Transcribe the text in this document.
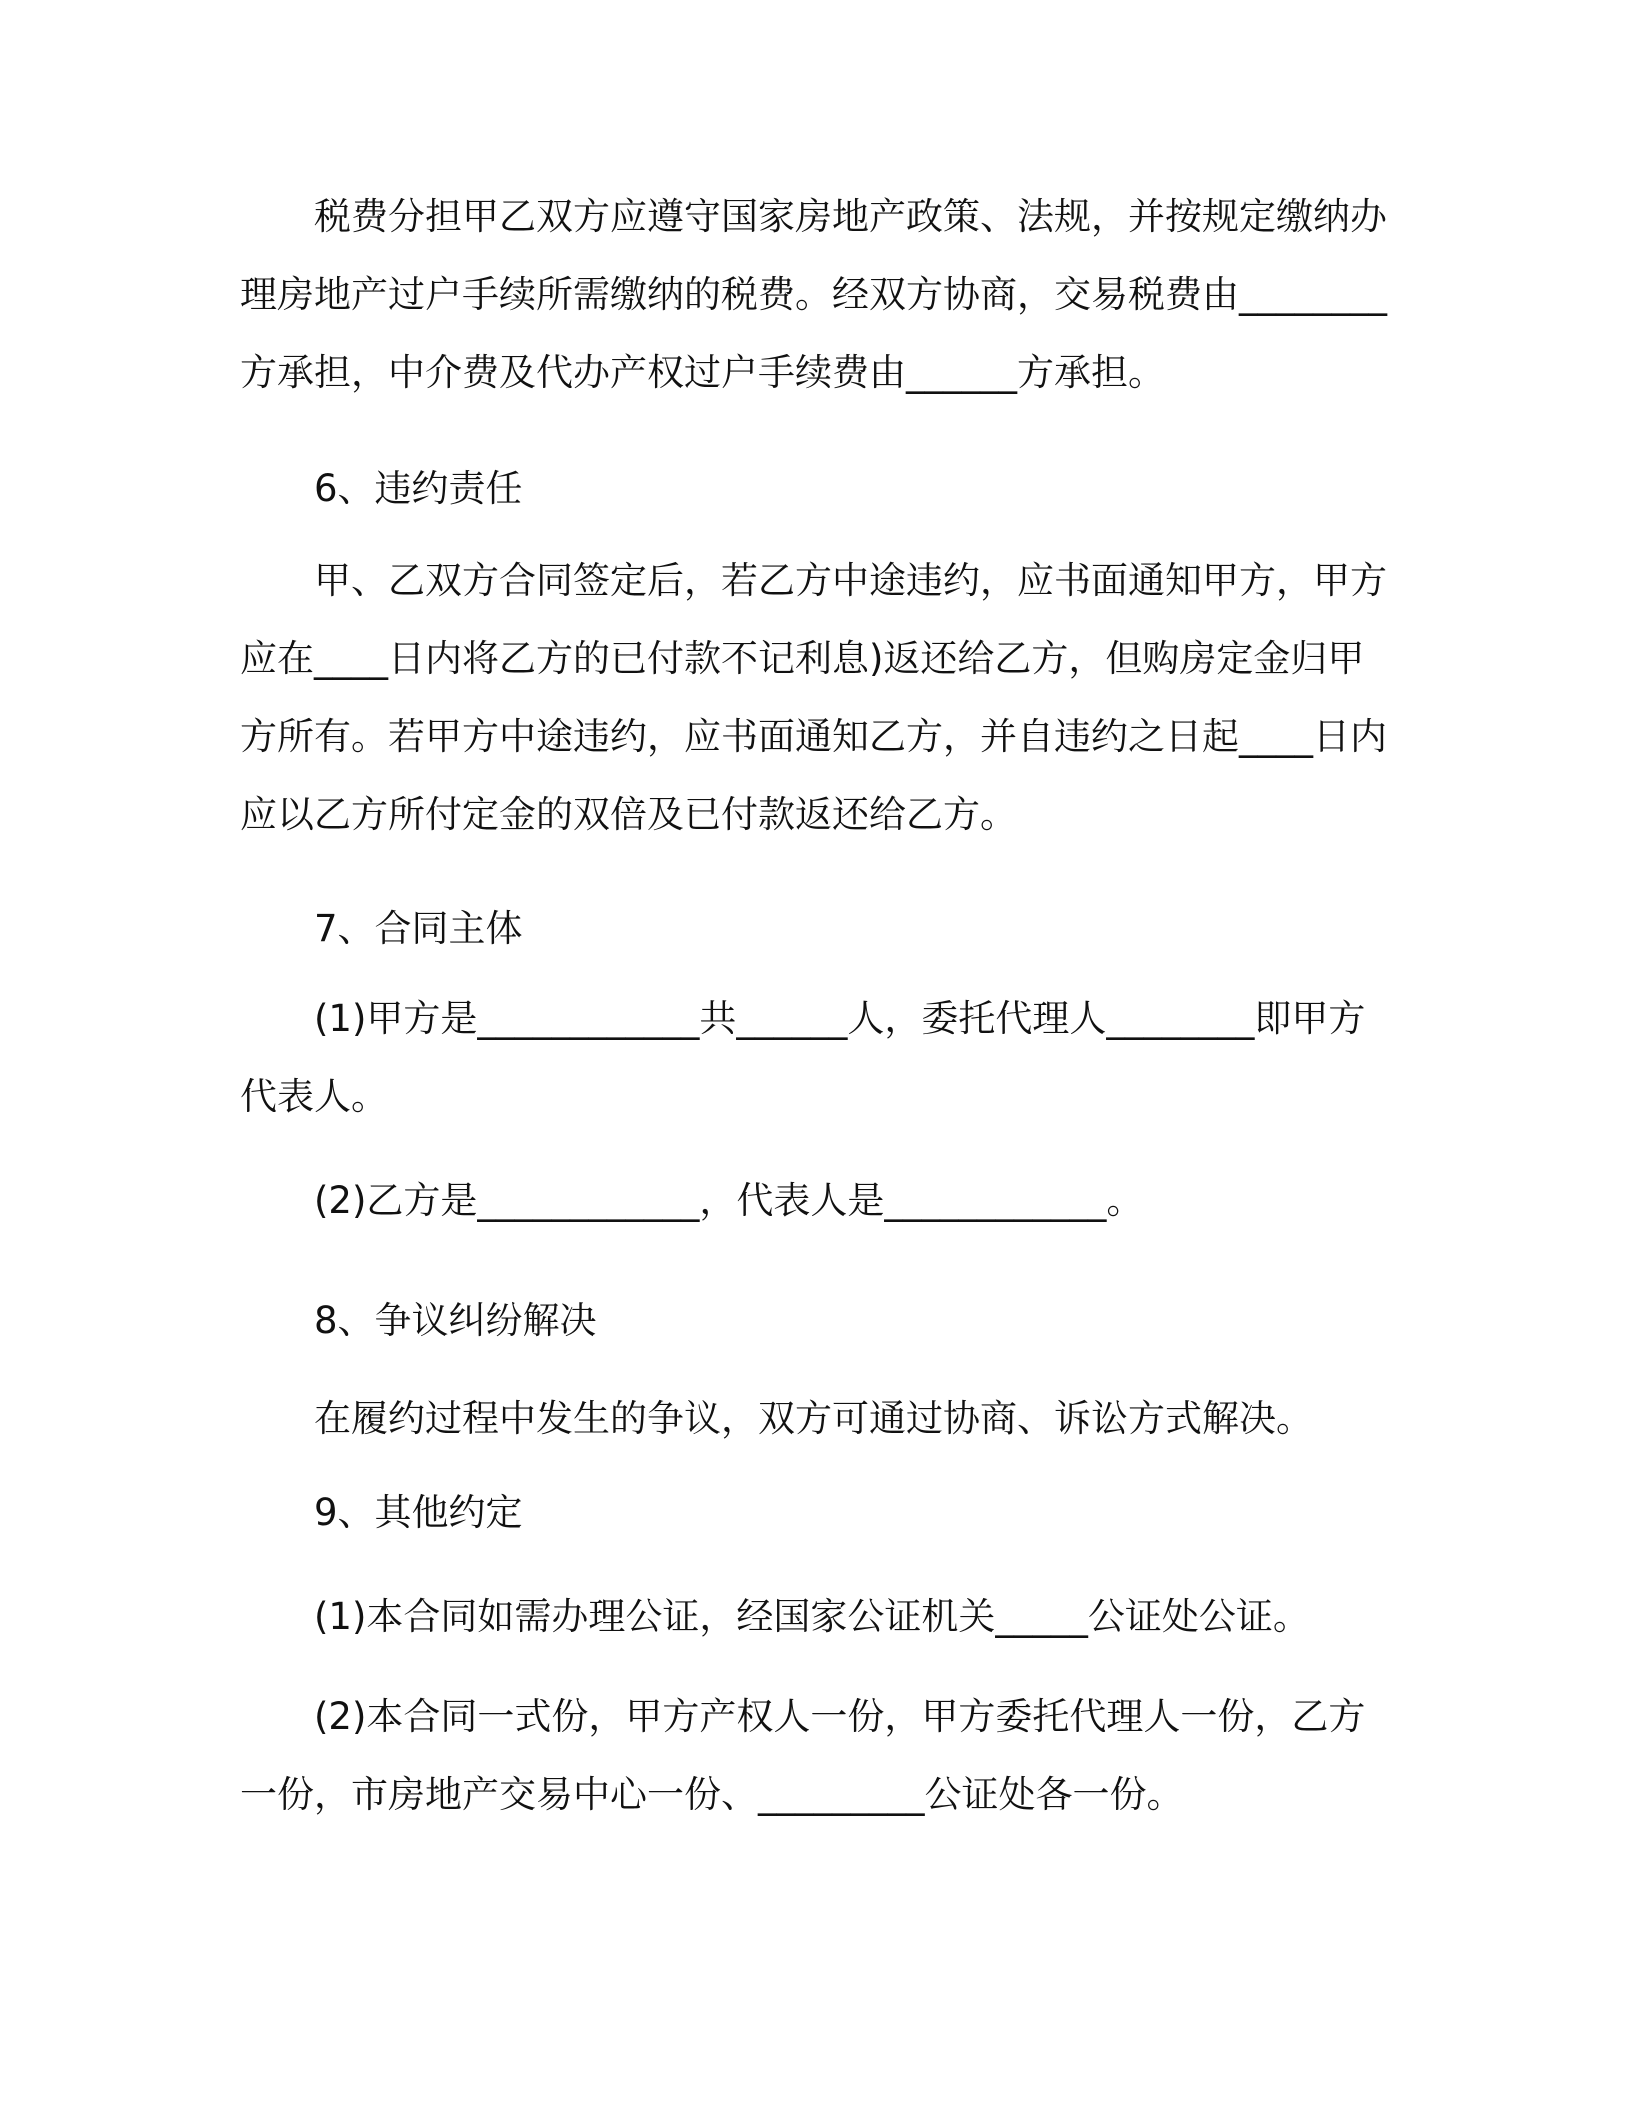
税费分担甲乙双方应遵守国家房地产政策、法规，并按规定缴纳办理房地产过户手续所需缴纳的税费。经双方协商，交易税费由________方承担，中介费及代办产权过户手续费由______方承担。

6、违约责任

甲、乙双方合同签定后，若乙方中途违约，应书面通知甲方，甲方应在____日内将乙方的已付款不记利息)返还给乙方，但购房定金归甲方所有。若甲方中途违约，应书面通知乙方，并自违约之日起____日内应以乙方所付定金的双倍及已付款返还给乙方。

7、合同主体

(1)甲方是____________共______人，委托代理人________即甲方代表人。

(2)乙方是____________，代表人是____________。

8、争议纠纷解决

在履约过程中发生的争议，双方可通过协商、诉讼方式解决。

9、其他约定

(1)本合同如需办理公证，经国家公证机关_____公证处公证。

(2)本合同一式份，甲方产权人一份，甲方委托代理人一份，乙方一份，市房地产交易中心一份、_________公证处各一份。
